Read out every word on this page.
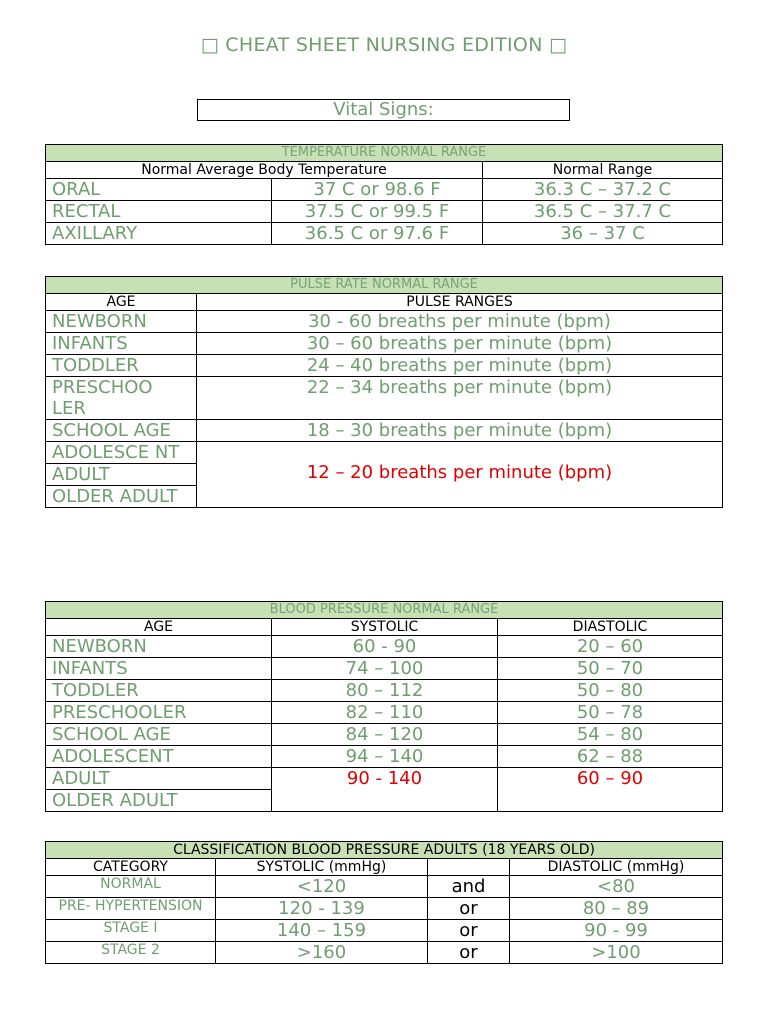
□ CHEAT SHEET NURSING EDITION □
Vital Signs:
TEMPERATURE NORMAL RANGE		
Normal Average Body Temperature		Normal Range
ORAL	37 C or 98.6 F	36.3 C – 37.2 C
RECTAL	37.5 C or 99.5 F	36.5 C – 37.7 C
AXILLARY	36.5 C or 97.6 F	36 – 37 C
PULSE RATE NORMAL RANGE	
AGE	PULSE RANGES
NEWBORN	30 - 60 breaths per minute (bpm)
INFANTS	30 – 60 breaths per minute (bpm)
TODDLER	24 – 40 breaths per minute (bpm)
PRESCHOO LER	22 – 34 breaths per minute (bpm)
SCHOOL AGE	18 – 30 breaths per minute (bpm)
ADOLESCE NT	12 – 20 breaths per minute (bpm)
ADULT	
OLDER ADULT	
BLOOD PRESSURE NORMAL RANGE		
AGE	SYSTOLIC	DIASTOLIC
NEWBORN	60 - 90	20 – 60
INFANTS	74 – 100	50 – 70
TODDLER	80 – 112	50 – 80
PRESCHOOLER	82 – 110	50 – 78
SCHOOL AGE	84 – 120	54 – 80
ADOLESCENT	94 – 140	62 – 88
ADULT	90 - 140	60 – 90
OLDER ADULT		
CLASSIFICATION BLOOD PRESSURE ADULTS (18 YEARS OLD)			
CATEGORY	SYSTOLIC (mmHg)		DIASTOLIC (mmHg)
NORMAL	<120	and	<80
PRE- HYPERTENSION	120 - 139	or	80 – 89
STAGE I	140 – 159	or	90 - 99
STAGE 2	>160	or	>100
